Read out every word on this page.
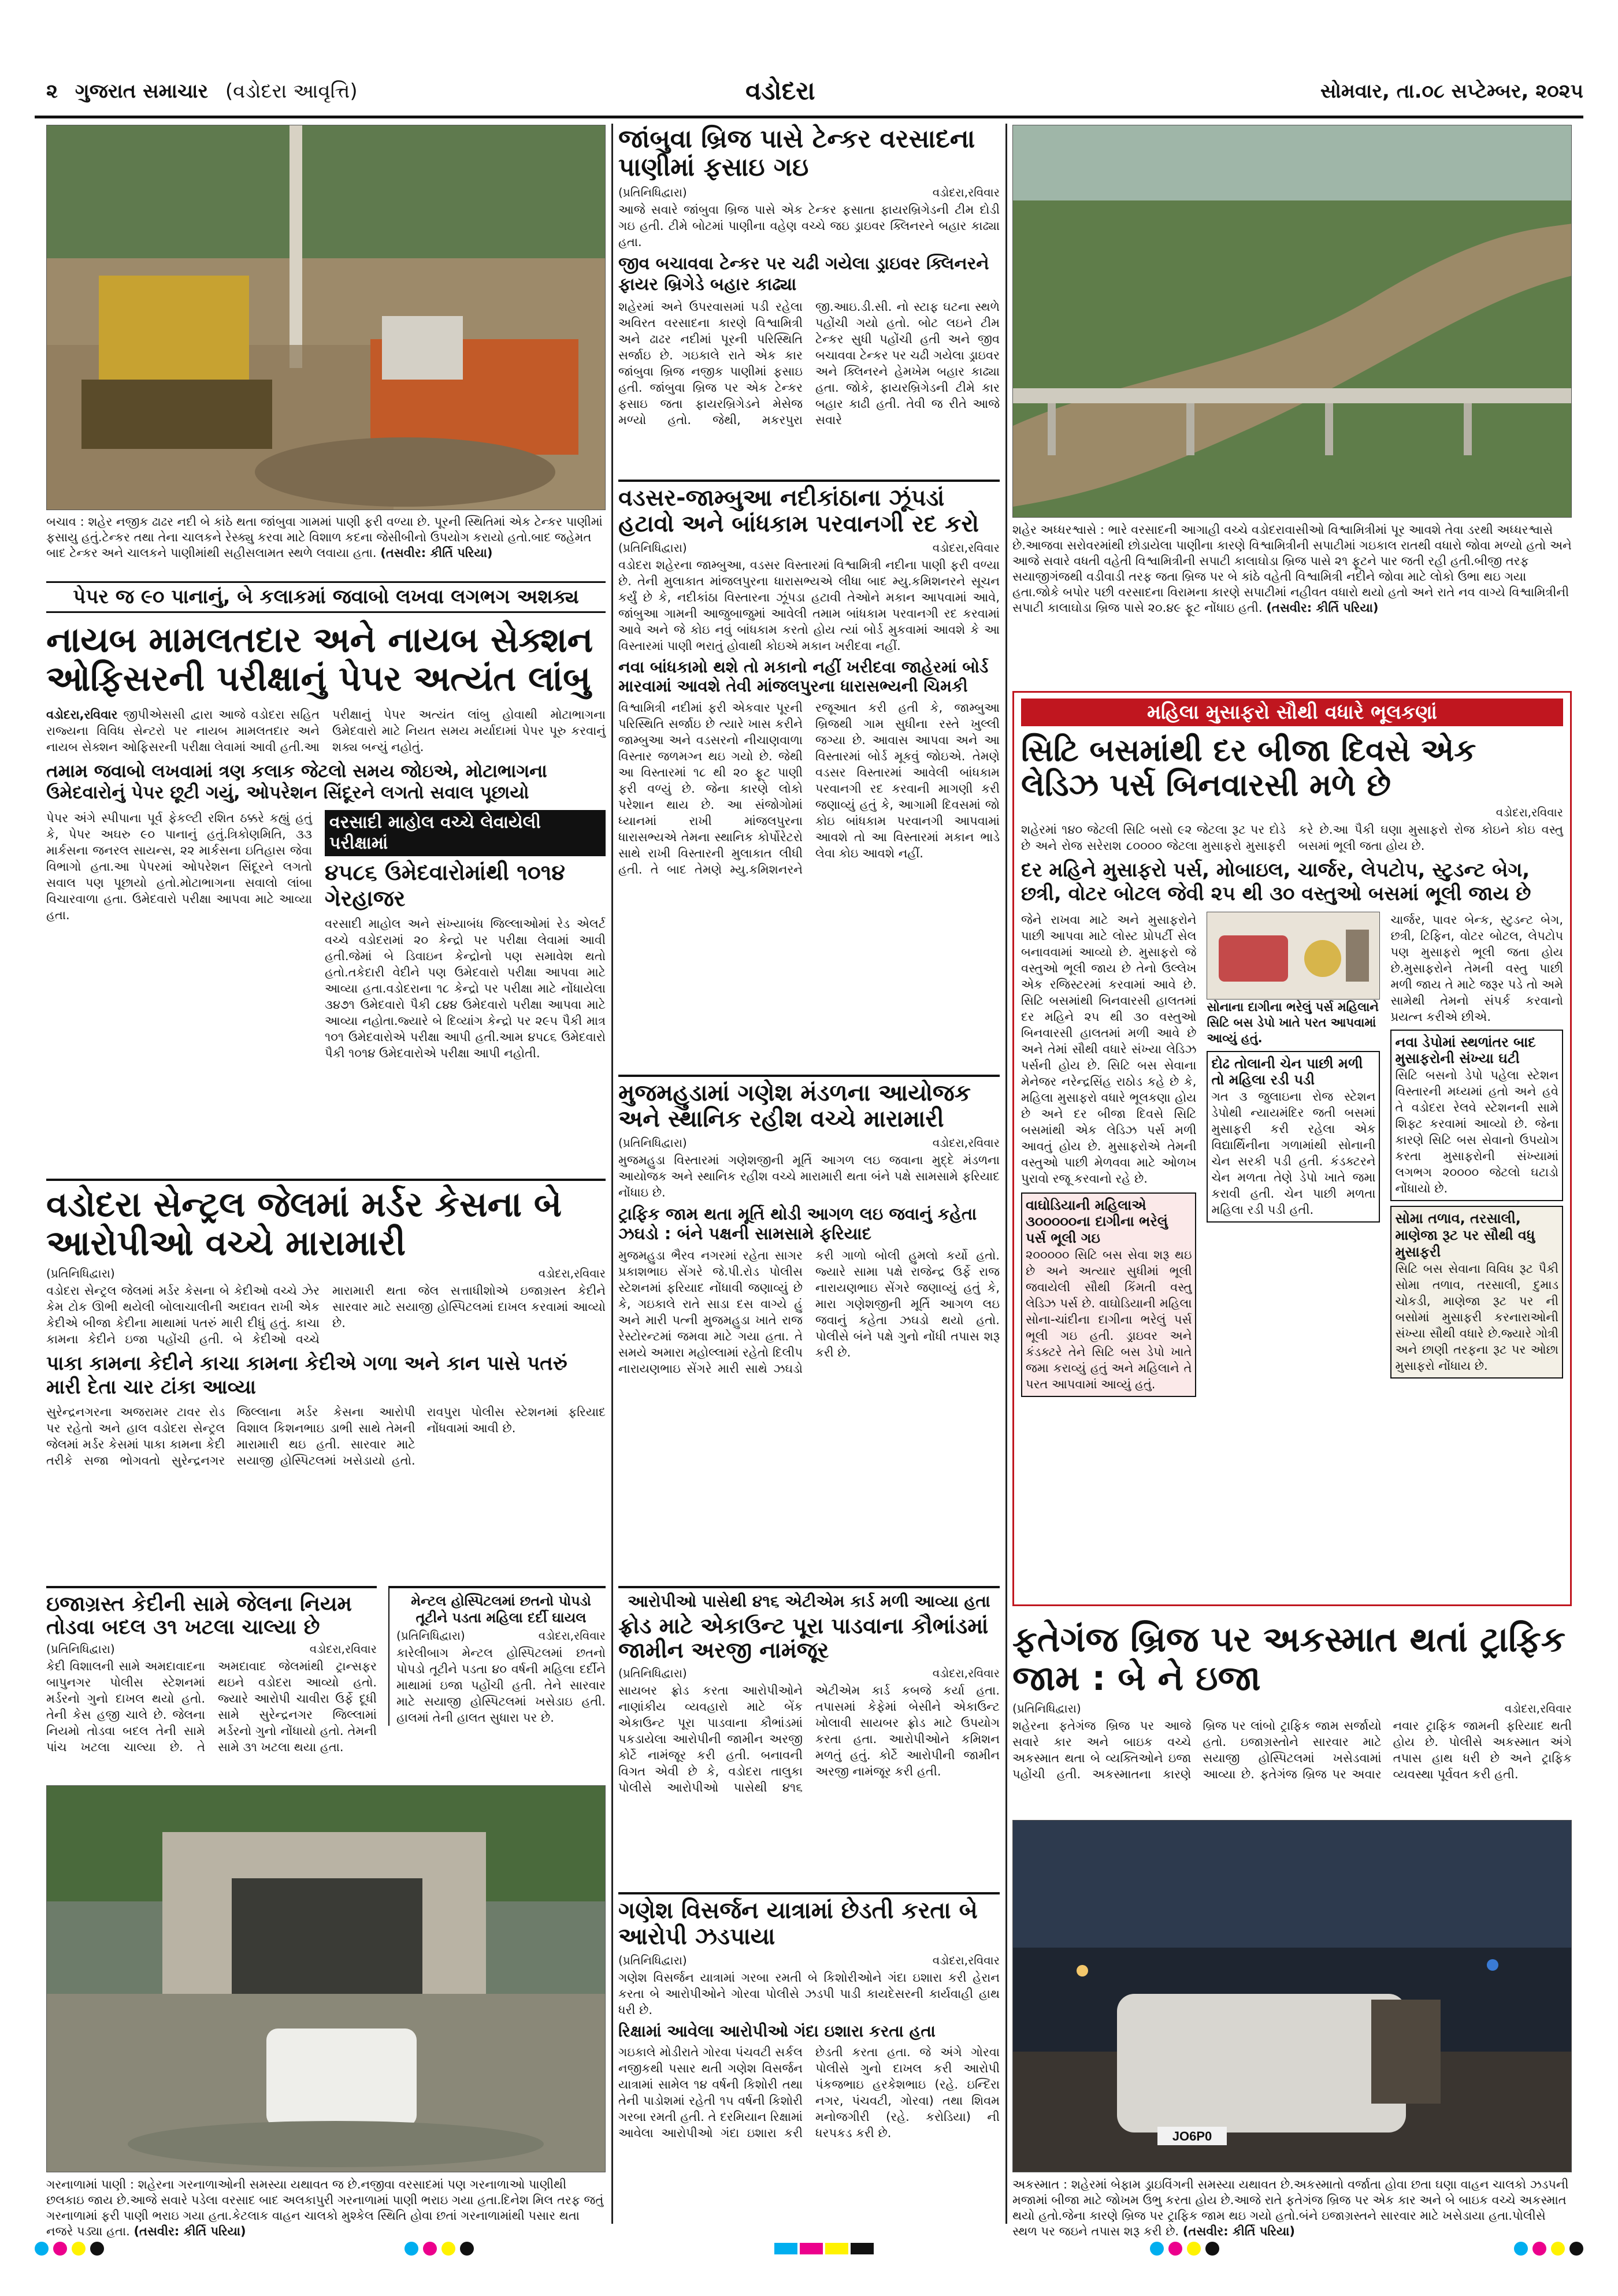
૨ ગુજરાત સમાચાર (વડોદરા આવૃત્તિ)	વડોદરા	સોમવાર, તા.૦૮ સપ્ટેમ્બર, ૨૦૨૫
બચાવ : શહેર નજીક ઢાઢર નદી બે કાંઠે થતા જાંબુવા ગામમાં પાણી ફરી વળ્યા છે. પૂરની સ્થિતિમાં એક ટેન્કર પાણીમાં ફસાયુ હતું.ટેન્કર તથા તેના ચાલકને રેસ્ક્યુ કરવા માટે વિશાળ કદના જેસીબીનો ઉપયોગ કરાયો હતો.બાદ જહેમત બાદ ટેન્કર અને ચાલકને પાણીમાંથી સહીસલામત સ્થળે લવાયા હતા. (તસવીર: કીર્તિ પરિયા)
પેપર જ ૯૦ પાનાનું, બે કલાકમાં જવાબો લખવા લગભગ અશક્ય
નાયબ મામલતદાર અને નાયબ સેક્શન ઓફિસરની પરીક્ષાનું પેપર અત્યંત લાંબુ
વડોદરા,રવિવાર જીપીએસસી દ્વારા આજે વડોદરા સહિત રાજ્યના વિવિધ સેન્ટરો પર નાયબ મામલતદાર અને નાયબ સેક્શન ઓફિસરની પરીક્ષા લેવામાં આવી હતી.આ પરીક્ષાનું પેપર અત્યંત લાંબુ હોવાથી મોટાભાગના ઉમેદવારો માટે નિયત સમય મર્યાદામાં પેપર પૂરુ કરવાનું શક્ય બન્યું નહોતું.
તમામ જવાબો લખવામાં ત્રણ કલાક જેટલો સમય જોઇએ, મોટાભાગના ઉમેદવારોનું પેપર છૂટી ગયું, ઓપરેશન સિંદૂરને લગતો સવાલ પૂછાયો
પેપર અંગે સ્પીપાના પૂર્વ ફેકલ્ટી રશિત ઠક્કરે કહ્યું હતું કે, પેપર અઘરુ ૯૦ પાનાનું હતું.ત્રિકોણમિતિ, ૩૩ માર્કસના જનરલ સાયન્સ, ૨૨ માર્કસના ઇતિહાસ જેવા વિભાગો હતા.આ પેપરમાં ઓપરેશન સિંદૂરને લગતો સવાલ પણ પૂછાયો હતો.મોટાભાગના સવાલો લાંબા વિચારવાળા હતા. ઉમેદવારો પરીક્ષા આપવા માટે આવ્યા હતા.
વરસાદી માહોલ વચ્ચે લેવાયેલી પરીક્ષામાં
૪૫૮૬ ઉમેદવારોમાંથી ૧૦૧૪ ગેરહાજર
વરસાદી માહોલ અને સંખ્યાબંધ જિલ્લાઓમાં રેડ એલર્ટ વચ્ચે વડોદરામાં ૨૦ કેન્દ્રો પર પરીક્ષા લેવામાં આવી હતી.જેમાં બે ડિવાઇન કેન્દ્રોનો પણ સમાવેશ થતો હતો.તકેદારી વેદીને પણ ઉમેદવારો પરીક્ષા આપવા માટે આવ્યા હતા.વડોદરાના ૧૮ કેન્દ્રો પર પરીક્ષા માટે નોંધાયેલા ૩૪૭૧ ઉમેદવારો પૈકી ૮૪૪ ઉમેદવારો પરીક્ષા આપવા માટે આવ્યા નહોતા.જ્યારે બે દિવ્યાંગ કેન્દ્રો પર ૨૯૫ પૈકી માત્ર ૧૦૧ ઉમેદવારોએ પરીક્ષા આપી હતી.આમ ૪૫૮૬ ઉમેદવારો પૈકી ૧૦૧૪ ઉમેદવારોએ પરીક્ષા આપી નહોતી.
વડોદરા સેન્ટ્રલ જેલમાં મર્ડર કેસના બે આરોપીઓ વચ્ચે મારામારી
(પ્રતિનિધિદ્વારા)	વડોદરા,રવિવાર
વડોદરા સેન્ટ્રલ જેલમાં મર્ડર કેસના બે કેદીઓ વચ્ચે ઝેર કેમ ટોક ઊભી થયેલી બોલાચાલીની અદાવત રાખી એક કેદીએ બીજા કેદીના માથામાં પતરું મારી દીધું હતું. કાચા કામના કેદીને ઇજા પહોંચી હતી. બે કેદીઓ વચ્ચે મારામારી થતા જેલ સત્તાધીશોએ ઇજાગ્રસ્ત કેદીને સારવાર માટે સયાજી હોસ્પિટલમાં દાખલ કરવામાં આવ્યો છે.
પાકા કામના કેદીને કાચા કામના કેદીએ ગળા અને કાન પાસે પતરું મારી દેતા ચાર ટાંકા આવ્યા
સુરેન્દ્રનગરના અજરામર ટાવર રોડ પર રહેતો અને હાલ વડોદરા સેન્ટ્રલ જેલમાં મર્ડર કેસમાં પાકા કામના કેદી તરીકે સજા ભોગવતો સુરેન્દ્રનગર જિલ્લાના મર્ડર કેસના આરોપી વિશાલ કિશનભાઇ ડાભી સાથે તેમની મારામારી થઇ હતી. સારવાર માટે સયાજી હોસ્પિટલમાં ખસેડાયો હતો. રાવપુરા પોલીસ સ્ટેશનમાં ફરિયાદ નોંધવામાં આવી છે.
ઇજાગ્રસ્ત કેદીની સામે જેલના નિયમ તોડવા બદલ ૩૧ ખટલા ચાલ્યા છે
(પ્રતિનિધિદ્વારા)	વડોદરા,રવિવાર
કેદી વિશાલની સામે અમદાવાદના બાપુનગર પોલીસ સ્ટેશનમાં મર્ડરનો ગુનો દાખલ થયો હતો. તેની કેસ હજી ચાલે છે. જેલના નિયમો તોડવા બદલ તેની સામે પાંચ ખટલા ચાલ્યા છે. તે અમદાવાદ જેલમાંથી ટ્રાન્સફર થઇને વડોદરા આવ્યો હતો. જ્યારે આરોપી ચાવીરા ઉર્ફે દૂધી સામે સુરેન્દ્રનગર જિલ્લામાં મર્ડરનો ગુનો નોંધાયો હતો. તેમની સામે ૩૧ ખટલા થયા હતા.
મેન્ટલ હોસ્પિટલમાં છતનો પોપડો તૂટીને પડતા મહિલા દર્દી ઘાયલ
(પ્રતિનિધિદ્વારા)	વડોદરા,રવિવાર
કારેલીબાગ મેન્ટલ હોસ્પિટલમાં છતનો પોપડો તૂટીને પડતા ૪૦ વર્ષની મહિલા દર્દીને માથામાં ઇજા પહોંચી હતી. તેને સારવાર માટે સયાજી હોસ્પિટલમાં ખસેડાઇ હતી. હાલમાં તેની હાલત સુધારા પર છે.
ગરનાળામાં પાણી : શહેરના ગરનાળાઓની સમસ્યા યથાવત જ છે.નજીવા વરસાદમાં પણ ગરનાળાઓ પાણીથી છલકાઇ જાય છે.આજે સવારે પડેલા વરસાદ બાદ અલકાપુરી ગરનાળામાં પાણી ભરાઇ ગયા હતા.દિનેશ મિલ તરફ જતું ગરનાળામાં ફરી પાણી ભરાઇ ગયા હતા.કેટલાક વાહન ચાલકો મુશ્કેલ સ્થિતિ હોવા છતાં ગરનાળામાંથી પસાર થતા નજરે પડ્યા હતા. (તસવીર: કીર્તિ પરિયા)
જાંબુવા બ્રિજ પાસે ટેન્કર વરસાદના પાણીમાં ફસાઇ ગઇ
(પ્રતિનિધિદ્વારા)	વડોદરા,રવિવાર
આજે સવારે જાંબુવા બ્રિજ પાસે એક ટેન્કર ફસાતા ફાયરબ્રિગેડની ટીમ દોડી ગઇ હતી. ટીમે બોટમાં પાણીના વહેણ વચ્ચે જઇ ડ્રાઇવર ક્લિનરને બહાર કાઢ્યા હતા.
જીવ બચાવવા ટેન્કર પર ચઢી ગયેલા ડ્રાઇવર ક્લિનરને ફાયર બ્રિગેડે બહાર કાઢ્યા
શહેરમાં અને ઉપરવાસમાં પડી રહેલા અવિરત વરસાદના કારણે વિશ્વામિત્રી અને ઢાઢર નદીમાં પૂરની પરિસ્થિતિ સર્જાઇ છે. ગઇકાલે રાતે એક કાર જાંબુવા બ્રિજ નજીક પાણીમાં ફસાઇ હતી. જાંબુવા બ્રિજ પર એક ટેન્કર ફસાઇ જતા ફાયરબ્રિગેડને મેસેજ મળ્યો હતો. જેથી, મકરપુરા જી.આઇ.ડી.સી. નો સ્ટાફ ઘટના સ્થળે પહોંચી ગયો હતો. બોટ લઇને ટીમ ટેન્કર સુધી પહોંચી હતી અને જીવ બચાવવા ટેન્કર પર ચઢી ગયેલા ડ્રાઇવર અને ક્લિનરને હેમખેમ બહાર કાઢ્યા હતા. જોકે, ફાયરબ્રિગેડની ટીમે કાર બહાર કાઢી હતી. તેવી જ રીતે આજે સવારે
વડસર-જામ્બુઆ નદીકાંઠાના ઝૂંપડાં હટાવો અને બાંધકામ પરવાનગી રદ કરો
(પ્રતિનિધિદ્વારા)	વડોદરા,રવિવાર
વડોદરા શહેરના જામ્બુઆ, વડસર વિસ્તારમાં વિશ્વામિત્રી નદીના પાણી ફરી વળ્યા છે. તેની મુલાકાત માંજલપુરના ધારાસભ્યએ લીધા બાદ મ્યુ.કમિશનરને સૂચન કર્યું છે કે, નદીકાંઠા વિસ્તારના ઝૂંપડા હટાવી તેઓને મકાન આપવામાં આવે, જાંબુઆ ગામની આજુબાજુમાં આવેલી તમામ બાંધકામ પરવાનગી રદ કરવામાં આવે અને જે કોઇ નવું બાંધકામ કરતો હોય ત્યાં બોર્ડ મુકવામાં આવશે કે આ વિસ્તારમાં પાણી ભરાતું હોવાથી કોઇએ મકાન ખરીદવા નહીં.
નવા બાંધકામો થશે તો મકાનો નહીં ખરીદવા જાહેરમાં બોર્ડ મારવામાં આવશે તેવી માંજલપુરના ધારાસભ્યની ચિમકી
વિશ્વામિત્રી નદીમાં ફરી એકવાર પૂરની પરિસ્થિતિ સર્જાઇ છે ત્યારે ખાસ કરીને જામ્બુઆ અને વડસરનો નીચાણવાળા વિસ્તાર જળમગ્ન થઇ ગયો છે. જેથી આ વિસ્તારમાં ૧૮ થી ૨૦ ફૂટ પાણી ફરી વળ્યું છે. જેના કારણે લોકો પરેશાન થાય છે. આ સંજોગોમાં ધ્યાનમાં રાખી માંજલપુરના ધારાસભ્યએ તેમના સ્થાનિક કોર્પોરેટરો સાથે રાખી વિસ્તારની મુલાકાત લીધી હતી. તે બાદ તેમણે મ્યુ.કમિશનરને રજૂઆત કરી હતી કે, જામ્બુઆ બ્રિજથી ગામ સુધીના રસ્તે ખુલ્લી જગ્યા છે. આવાસ આપવા અને આ વિસ્તારમાં બોર્ડ મૂકવું જોઇએ. તેમણે વડસર વિસ્તારમાં આવેલી બાંધકામ પરવાનગી રદ કરવાની માગણી કરી જણાવ્યું હતું કે, આગામી દિવસમાં જો કોઇ બાંધકામ પરવાનગી આપવામાં આવશે તો આ વિસ્તારમાં મકાન ભાડે લેવા કોઇ આવશે નહીં.
મુજમહુડામાં ગણેશ મંડળના આયોજક અને સ્થાનિક રહીશ વચ્ચે મારામારી
(પ્રતિનિધિદ્વારા)	વડોદરા,રવિવાર
મુજમહુડા વિસ્તારમાં ગણેશજીની મૂર્તિ આગળ લઇ જવાના મુદ્દે મંડળના આયોજક અને સ્થાનિક રહીશ વચ્ચે મારામારી થતા બંને પક્ષે સામસામે ફરિયાદ નોંધાઇ છે.
ટ્રાફિક જામ થતા મૂર્તિ થોડી આગળ લઇ જવાનું કહેતા ઝઘડો : બંને પક્ષની સામસામે ફરિયાદ
મુજમહુડા ભૈરવ નગરમાં રહેતા સાગર પ્રકાશભાઇ સેંગરે જે.પી.રોડ પોલીસ સ્ટેશનમાં ફરિયાદ નોંધાવી જણાવ્યું છે કે, ગઇકાલે રાતે સાડા દસ વાગ્યે હું અને મારી પત્ની મુજમહુડા ખાતે રાજ રેસ્ટોરન્ટમાં જમવા માટે ગયા હતા. તે સમયે અમારા મહોલ્લામાં રહેતો દિલીપ નારાયણભાઇ સેંગરે મારી સાથે ઝઘડો કરી ગાળો બોલી હુમલો કર્યો હતો. જ્યારે સામા પક્ષે રાજેન્દ્ર ઉર્ફે રાજ નારાયણભાઇ સેંગરે જણાવ્યું હતું કે, મારા ગણેશજીની મૂર્તિ આગળ લઇ જવાનું કહેતા ઝઘડો થયો હતો. પોલીસે બંને પક્ષે ગુનો નોંધી તપાસ શરૂ કરી છે.
આરોપીઓ પાસેથી ૪૧૬ એટીએમ કાર્ડ મળી આવ્યા હતા
ફ્રોડ માટે એકાઉન્ટ પૂરા પાડવાના કૌભાંડમાં જામીન અરજી નામંજૂર
(પ્રતિનિધિદ્વારા)	વડોદરા,રવિવાર
સાયબર ફ્રોડ કરતા આરોપીઓને નાણાંકીય વ્યવહારો માટે બેંક એકાઉન્ટ પૂરા પાડવાના કૌભાંડમાં પકડાયેલા આરોપીની જામીન અરજી કોર્ટે નામંજૂર કરી હતી. બનાવની વિગત એવી છે કે, વડોદરા તાલુકા પોલીસે આરોપીઓ પાસેથી ૪૧૬ એટીએમ કાર્ડ કબજે કર્યા હતા. તપાસમાં કેફેમાં બેસીને એકાઉન્ટ ખોલાવી સાયબર ફ્રોડ માટે ઉપયોગ કરતા હતા. આરોપીઓને કમિશન મળતું હતું. કોર્ટે આરોપીની જામીન અરજી નામંજૂર કરી હતી.
ગણેશ વિસર્જન યાત્રામાં છેડતી કરતા બે આરોપી ઝડપાયા
(પ્રતિનિધિદ્વારા)	વડોદરા,રવિવાર
ગણેશ વિસર્જન યાત્રામાં ગરબા રમતી બે કિશોરીઓને ગંદા ઇશારા કરી હેરાન કરતા બે આરોપીઓને ગોરવા પોલીસે ઝડપી પાડી કાયદેસરની કાર્યવાહી હાથ ધરી છે.
રિક્ષામાં આવેલા આરોપીઓ ગંદા ઇશારા કરતા હતા
ગઇકાલે મોડીરાતે ગોરવા પંચવટી સર્કલ નજીકથી પસાર થતી ગણેશ વિસર્જન યાત્રામાં સામેલ ૧૪ વર્ષની કિશોરી તથા તેની પાડોશમાં રહેતી ૧૫ વર્ષની કિશોરી ગરબા રમતી હતી. તે દરમિયાન રિક્ષામાં આવેલા આરોપીઓ ગંદા ઇશારા કરી છેડતી કરતા હતા. જે અંગે ગોરવા પોલીસે ગુનો દાખલ કરી આરોપી પંકજભાઇ હરકેશભાઇ (રહે. ઇન્દિરા નગર, પંચવટી, ગોરવા) તથા શિવમ મનોજગીરી (રહે. કરોડિયા) ની ધરપકડ કરી છે.
શહેર અધ્ધરશ્વાસે : ભારે વરસાદની આગાહી વચ્ચે વડોદરાવાસીઓ વિશ્વામિત્રીમાં પૂર આવશે તેવા ડરથી અધ્ધરશ્વાસે છે.આજવા સરોવરમાંથી છોડાયેલા પાણીના કારણે વિશ્વામિત્રીની સપાટીમાં ગઇકાલ રાતથી વધારો જોવા મળ્યો હતો અને આજે સવારે વધતી વહેતી વિશ્વામિત્રીની સપાટી કાલાઘોડા બ્રિજ પાસે ૨૧ ફૂટને પાર જતી રહી હતી.બીજી તરફ સયાજીગંજથી વડીવાડી તરફ જતા બ્રિજ પર બે કાંઠે વહેતી વિશ્વામિત્રી નદીને જોવા માટે લોકો ઉભા થઇ ગયા હતા.જોકે બપોર પછી વરસાદના વિરામના કારણે સપાટીમાં નહીવત વધારો થયો હતો અને રાતે નવ વાગ્યે વિશ્વામિત્રીની સપાટી કાલાઘોડા બ્રિજ પાસે ૨૦.૪૯ ફૂટ નોંધાઇ હતી. (તસવીર: કીર્તિ પરિયા)
મહિલા મુસાફરો સૌથી વધારે ભૂલકણાં
સિટિ બસમાંથી દર બીજા દિવસે એક લેડિઝ પર્સ બિનવારસી મળે છે
વડોદરા,રવિવાર
શહેરમાં ૧૪૦ જેટલી સિટિ બસો ૯૨ જેટલા રૂટ પર દોડે છે અને રોજ સરેરાશ ૮૦૦૦૦ જેટલા મુસાફરો મુસાફરી કરે છે.આ પૈકી ઘણા મુસાફરો રોજ કોઇને કોઇ વસ્તુ બસમાં ભૂલી જતા હોય છે.
દર મહિને મુસાફરો પર્સ, મોબાઇલ, ચાર્જર, લેપટોપ, સ્ટુડન્ટ બેગ, છત્રી, વોટર બોટલ જેવી ૨૫ થી ૩૦ વસ્તુઓ બસમાં ભૂલી જાય છે
જેને રાખવા માટે અને મુસાફરોને પાછી આપવા માટે લોસ્ટ પ્રોપર્ટી સેલ બનાવવામાં આવ્યો છે. મુસાફરો જે વસ્તુઓ ભૂલી જાય છે તેનો ઉલ્લેખ એક રજિસ્ટરમાં કરવામાં આવે છે. સિટિ બસમાંથી બિનવારસી હાલતમાં દર મહિને ૨૫ થી ૩૦ વસ્તુઓ બિનવારસી હાલતમાં મળી આવે છે અને તેમાં સૌથી વધારે સંખ્યા લેડિઝ પર્સની હોય છે. સિટિ બસ સેવાના મેનેજર નરેન્દ્રસિંહ રાઠોડ કહે છે કે, મહિલા મુસાફરો વધારે ભૂલકણા હોય છે અને દર બીજા દિવસે સિટિ બસમાંથી એક લેડિઝ પર્સ મળી આવતું હોય છે. મુસાફરોએ તેમની વસ્તુઓ પાછી મેળવવા માટે ઓળખ પુરાવો રજૂ કરવાનો રહે છે.
વાઘોડિયાની મહિલાએ ૩૦૦૦૦૦ના દાગીના ભરેલું પર્સ ભૂલી ગઇ
૨૦૦૦૦૦ સિટિ બસ સેવા શરૂ થઇ છે અને અત્યાર સુધીમાં ભૂલી જવાયેલી સૌથી કિંમતી વસ્તુ લેડિઝ પર્સ છે. વાઘોડિયાની મહિલા સોના-ચાંદીના દાગીના ભરેલું પર્સ ભૂલી ગઇ હતી. ડ્રાઇવર અને કંડક્ટરે તેને સિટિ બસ ડેપો ખાતે જમા કરાવ્યું હતું અને મહિલાને તે પરત આપવામાં આવ્યું હતું.
સોનાના દાગીના ભરેલું પર્સ મહિલાને સિટિ બસ ડેપો ખાતે પરત આપવામાં આવ્યું હતું.
દોઢ તોલાની ચેન પાછી મળી તો મહિલા રડી પડી
ગત ૩ જુલાઇના રોજ સ્ટેશન ડેપોથી ન્યાયમંદિર જતી બસમાં મુસાફરી કરી રહેલા એક વિદ્યાર્થિનીના ગળામાંથી સોનાની ચેન સરકી પડી હતી. કંડક્ટરને ચેન મળતા તેણે ડેપો ખાતે જમા કરાવી હતી. ચેન પાછી મળતા મહિલા રડી પડી હતી.
ચાર્જર, પાવર બેન્ક, સ્ટુડન્ટ બેગ, છત્રી, ટિફિન, વોટર બોટલ, લેપટોપ પણ મુસાફરો ભૂલી જતા હોય છે.મુસાફરોને તેમની વસ્તુ પાછી મળી જાય તે માટે જરૂર પડે તો અમે સામેથી તેમનો સંપર્ક કરવાનો પ્રયત્ન કરીએ છીએ.
નવા ડેપોમાં સ્થળાંતર બાદ મુસાફરોની સંખ્યા ઘટી
સિટિ બસનો ડેપો પહેલા સ્ટેશન વિસ્તારની મધ્યમાં હતો અને હવે તે વડોદરા રેલવે સ્ટેશનની સામે શિફ્ટ કરવામાં આવ્યો છે. જેના કારણે સિટિ બસ સેવાનો ઉપયોગ કરતા મુસાફરોની સંખ્યામાં લગભગ ૨૦૦૦૦ જેટલો ઘટાડો નોંધાયો છે.
સોમા તળાવ, તરસાલી, માણેજા રૂટ પર સૌથી વધુ મુસાફરી
સિટિ બસ સેવાના વિવિધ રૂટ પૈકી સોમા તળાવ, તરસાલી, દુમાડ ચોકડી, માણેજા રૂટ પર ની બસોમાં મુસાફરી કરનારાઓની સંખ્યા સૌથી વધારે છે.જ્યારે ગોત્રી અને છાણી તરફના રૂટ પર ઓછા મુસાફરો નોંધાય છે.
ફતેગંજ બ્રિજ પર અકસ્માત થતાં ટ્રાફિક જામ : બે ને ઇજા
(પ્રતિનિધિદ્વારા)	વડોદરા,રવિવાર
શહેરના ફતેગંજ બ્રિજ પર આજે સવારે કાર અને બાઇક વચ્ચે અકસ્માત થતા બે વ્યક્તિઓને ઇજા પહોંચી હતી. અકસ્માતના કારણે બ્રિજ પર લાંબો ટ્રાફિક જામ સર્જાયો હતો. ઇજાગ્રસ્તોને સારવાર માટે સયાજી હોસ્પિટલમાં ખસેડવામાં આવ્યા છે. ફતેગંજ બ્રિજ પર અવાર નવાર ટ્રાફિક જામની ફરિયાદ થતી હોય છે. પોલીસે અકસ્માત અંગે તપાસ હાથ ધરી છે અને ટ્રાફિક વ્યવસ્થા પૂર્વવત કરી હતી.
JO6P0
અકસ્માત : શહેરમાં બેફામ ડ્રાઇવિંગની સમસ્યા યથાવત છે.અકસ્માતો વર્જાતા હોવા છતા ઘણા વાહન ચાલકો ઝડપની મજામાં બીજા માટે જોખમ ઉભુ કરતા હોય છે.આજે રાતે ફતેગંજ બ્રિજ પર એક કાર અને બે બાઇક વચ્ચે અકસ્માત થયો હતો.જેના કારણે બ્રિજ પર ટ્રાફિક જામ થઇ ગયો હતો.બંને ઇજાગ્રસ્તને સારવાર માટે ખસેડાયા હતા.પોલીસે સ્થળ પર જઇને તપાસ શરૂ કરી છે. (તસવીર: કીર્તિ પરિયા)
